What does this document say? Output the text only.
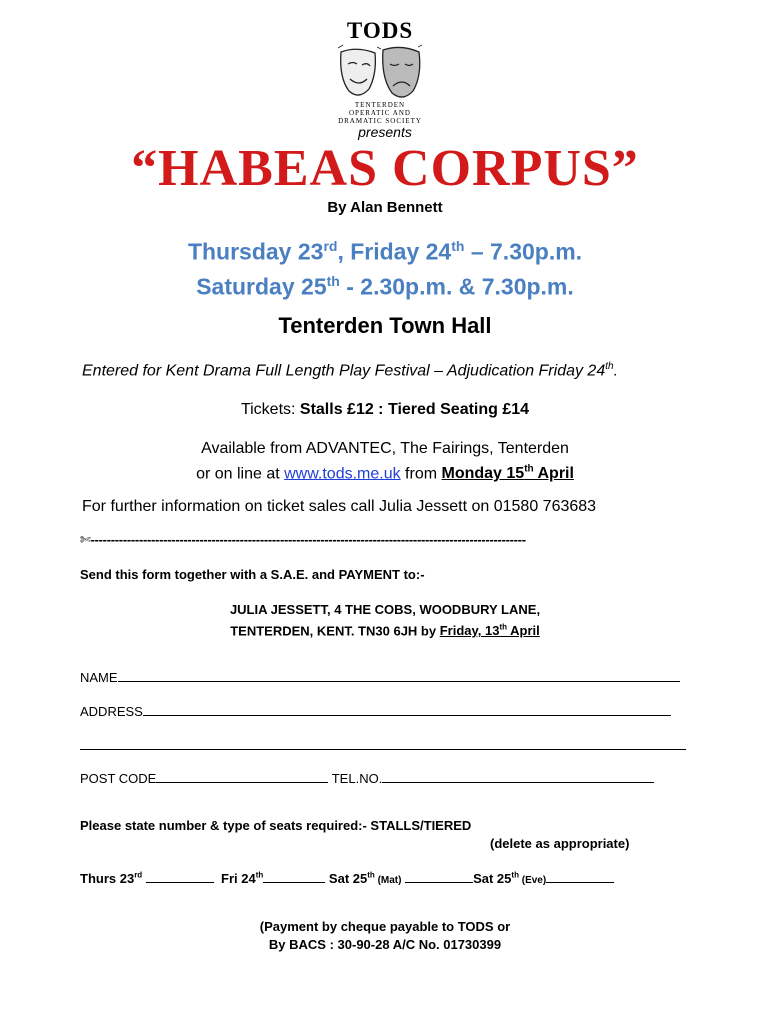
TODS
TENTERDEN
OPERATIC AND
DRAMATIC SOCIETY
presents
“HABEAS CORPUS”
By Alan Bennett
Thursday 23rd, Friday 24th – 7.30p.m.
Saturday 25th - 2.30p.m. & 7.30p.m.
Tenterden Town Hall
Entered for Kent Drama Full Length Play Festival – Adjudication Friday 24th.
Tickets: Stalls £12 : Tiered Seating £14
Available from ADVANTEC, The Fairings, Tenterden
or on line at www.tods.me.uk from Monday 15th April
For further information on ticket sales call Julia Jessett on 01580 763683
✄------------------------------------------------------------------------------------------------------------
Send this form together with a S.A.E. and PAYMENT to:-
JULIA JESSETT, 4 THE COBS, WOODBURY LANE,
TENTERDEN, KENT. TN30 6JH by Friday, 13th April
NAME
ADDRESS
POST CODE	TEL.NO.
Please state number & type of seats required:- STALLS/TIERED
(delete as appropriate)
Thurs 23rd	Fri 24th	Sat 25th (Mat)	Sat 25th (Eve)
(Payment by cheque payable to TODS or
By BACS : 30-90-28 A/C No. 01730399
